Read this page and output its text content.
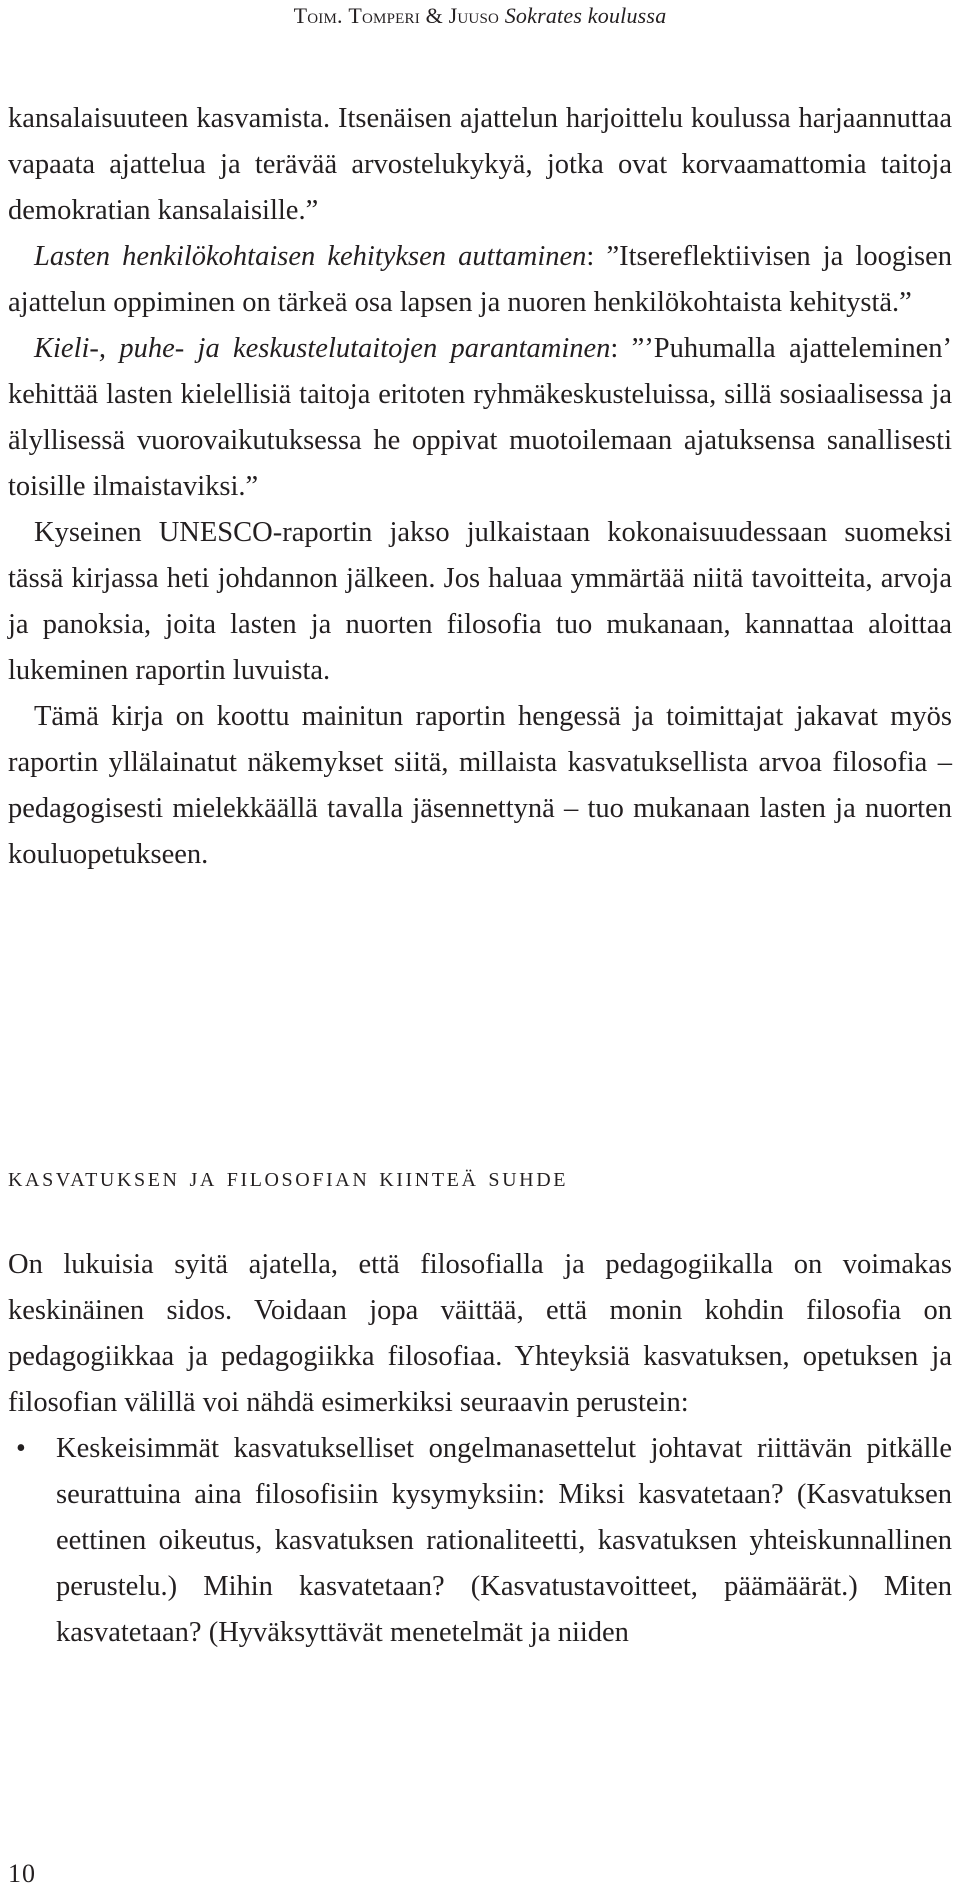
Toim. Tomperi & Juuso Sokrates koulussa

kansalaisuuteen kasvamista. Itsenäisen ajattelun harjoittelu koulussa harjaannuttaa vapaata ajattelua ja terävää arvostelukykyä, jotka ovat korvaamattomia taitoja demokratian kansalaisille.”

Lasten henkilökohtaisen kehityksen auttaminen: ”Itsereflektiivisen ja loogisen ajattelun oppiminen on tärkeä osa lapsen ja nuoren henkilökohtaista kehitystä.”

Kieli-, puhe- ja keskustelutaitojen parantaminen: ”’Puhumalla ajatteleminen’ kehittää lasten kielellisiä taitoja eritoten ryhmäkeskusteluissa, sillä sosiaalisessa ja älyllisessä vuorovaikutuksessa he oppivat muotoilemaan ajatuksensa sanallisesti toisille ilmaistaviksi.”

Kyseinen UNESCO-raportin jakso julkaistaan kokonaisuudessaan suomeksi tässä kirjassa heti johdannon jälkeen. Jos haluaa ymmärtää niitä tavoitteita, arvoja ja panoksia, joita lasten ja nuorten filosofia tuo mukanaan, kannattaa aloittaa lukeminen raportin luvuista.

Tämä kirja on koottu mainitun raportin hengessä ja toimittajat jakavat myös raportin yllälainatut näkemykset siitä, millaista kasvatuksellista arvoa filosofia – pedagogisesti mielekkäällä tavalla jäsennettynä – tuo mukanaan lasten ja nuorten kouluopetukseen.

kasvatuksen ja filosofian kiinteä suhde

On lukuisia syitä ajatella, että filosofialla ja pedagogiikalla on voimakas keskinäinen sidos. Voidaan jopa väittää, että monin kohdin filosofia on pedagogiikkaa ja pedagogiikka filosofiaa. Yhteyksiä kasvatuksen, opetuksen ja filosofian välillä voi nähdä esimerkiksi seuraavin perustein:

• Keskeisimmät kasvatukselliset ongelmanasettelut johtavat riittävän pitkälle seurattuina aina filosofisiin kysymyksiin: Miksi kasvatetaan? (Kasvatuksen eettinen oikeutus, kasvatuksen rationaliteetti, kasvatuksen yhteiskunnallinen perustelu.) Mihin kasvatetaan? (Kasvatustavoitteet, päämäärät.) Miten kasvatetaan? (Hyväksyttävät menetelmät ja niiden
10
